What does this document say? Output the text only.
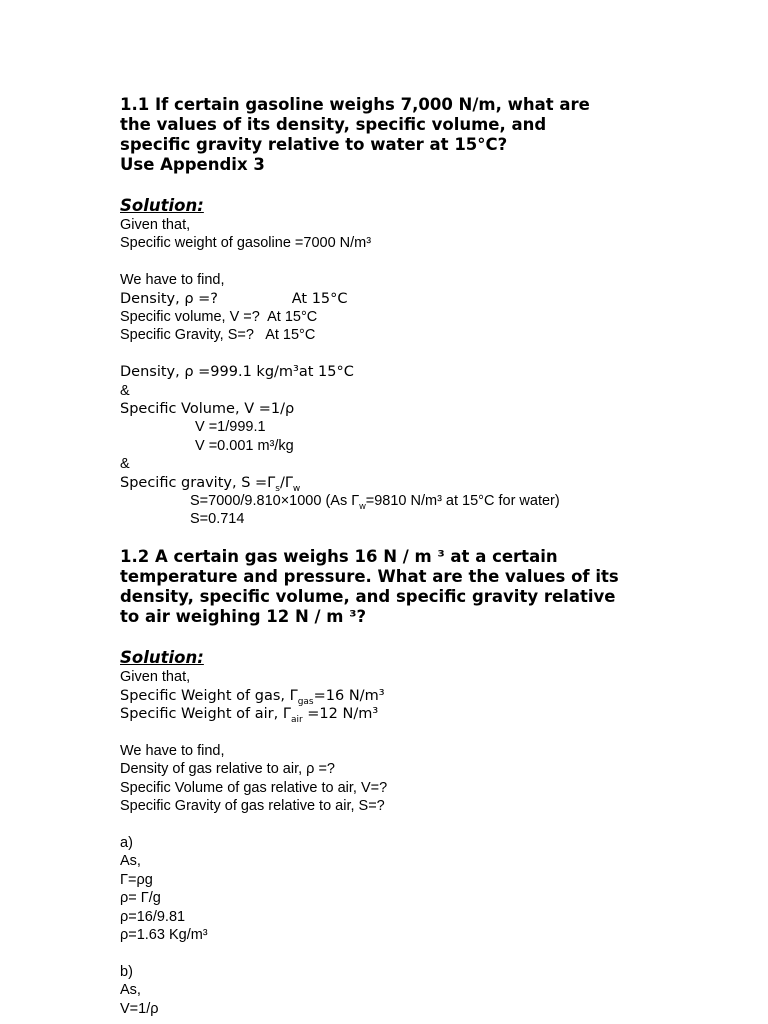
1.1 If certain gasoline weighs 7,000 N/m, what are
the values of its density, specific volume, and
specific gravity relative to water at 15°C?
Use Appendix 3
Solution:
Given that,
Specific weight of gasoline =7000 N/m³
We have to find,
Density, ρ =?                At 15°C
Specific volume, V =?  At 15°C
Specific Gravity, S=?   At 15°C
Density, ρ =999.1 kg/m³at 15°C
&
Specific Volume, V =1/ρ
V =1/999.1
V =0.001 m³/kg
&
Specific gravity, $S =\Gamma_s/\Gamma_w$
S=7000/9.810×1000 (As $\Gamma_w=9810$ N/m³ at 15°C for water)
S=0.714
1.2 A certain gas weighs 16 N / m ³ at a certain
temperature and pressure. What are the values of its
density, specific volume, and specific gravity relative
to air weighing 12 N / m ³?
Solution:
Given that,
Specific Weight of gas, $\Gamma_{gas}=16$ N/m³
Specific Weight of air, $\Gamma_{air} =12$ N/m³
We have to find,
Density of gas relative to air, ρ =?
Specific Volume of gas relative to air, V=?
Specific Gravity of gas relative to air, S=?
a)
As,
Γ=ρg
ρ= Γ/g
ρ=16/9.81
ρ=1.63 Kg/m³
b)
As,
V=1/ρ
